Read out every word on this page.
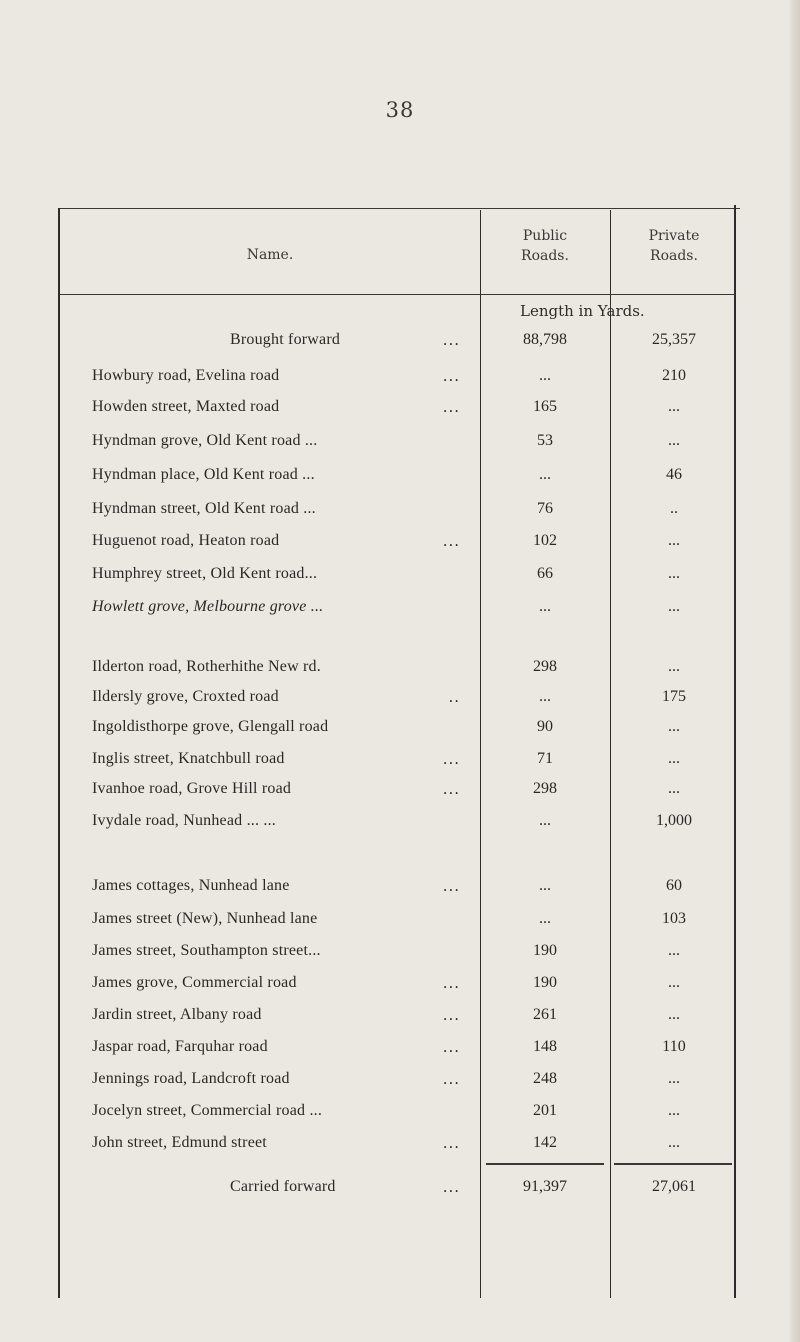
38
Name.
Public
Roads.
Private
Roads.
Length in Yards.
Brought forward	...	88,798	25,357
Howbury road, Evelina road	...	...	210
Howden street, Maxted road	...	165	...
Hyndman grove, Old Kent road ...	53	...
Hyndman place, Old Kent road ...	...	46
Hyndman street, Old Kent road ...	76	..
Huguenot road, Heaton road	...	102	...
Humphrey street, Old Kent road...	66	...
Howlett grove, Melbourne grove ...	...	...
Ilderton road, Rotherhithe New rd.	298	...
Ildersly grove, Croxted road	..	...	175
Ingoldisthorpe grove, Glengall road	90	...
Inglis street, Knatchbull road	...	71	...
Ivanhoe road, Grove Hill road	...	298	...
Ivydale road, Nunhead ... ...	...	1,000
James cottages, Nunhead lane	...	...	60
James street (New), Nunhead lane	...	103
James street, Southampton street...	190	...
James grove, Commercial road	...	190	...
Jardin street, Albany road	...	261	...
Jaspar road, Farquhar road	...	148	110
Jennings road, Landcroft road	...	248	...
Jocelyn street, Commercial road ...	201	...
John street, Edmund street	...	142	...
Carried forward	...	91,397	27,061
